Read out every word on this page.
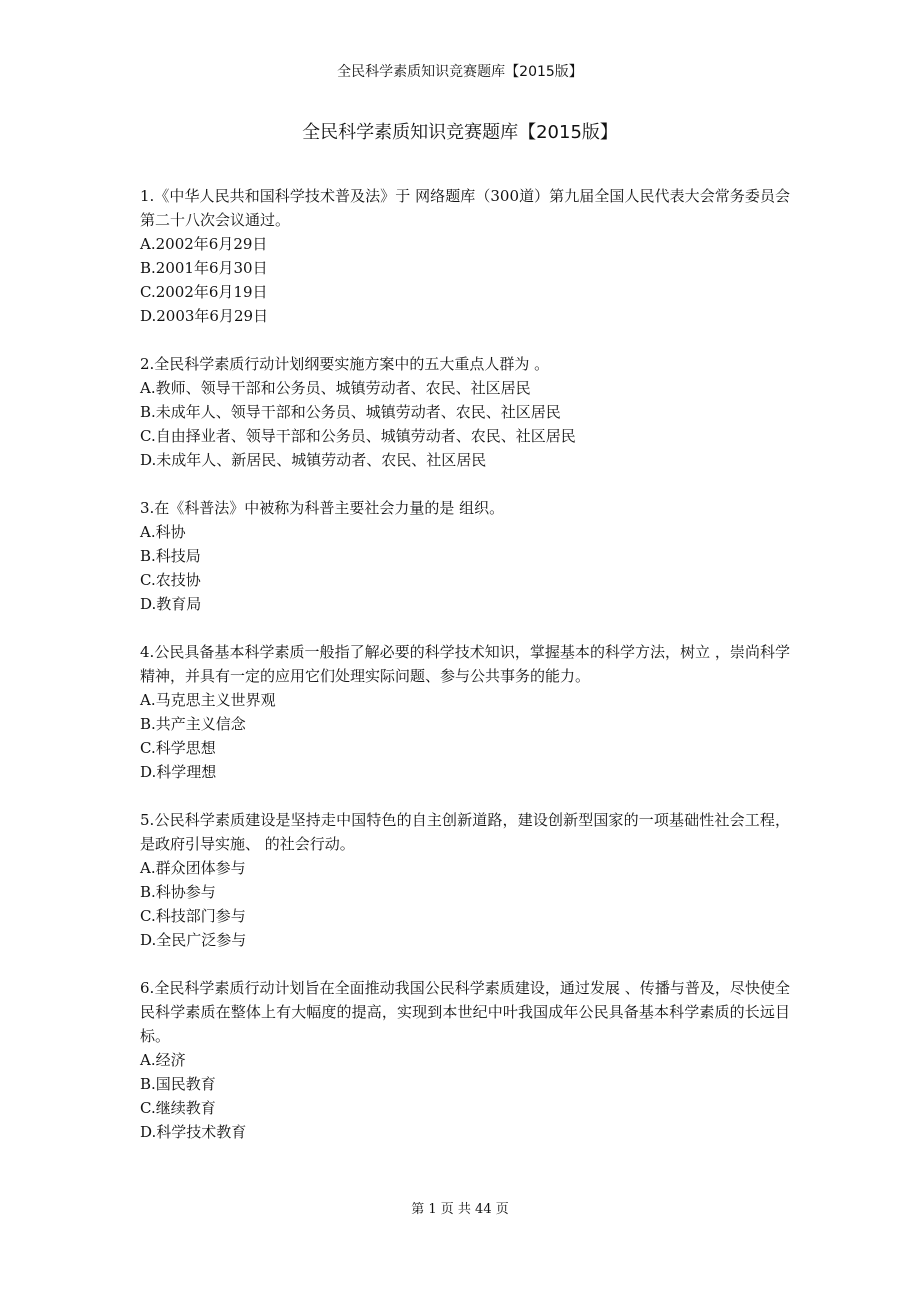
全民科学素质知识竞赛题库【2015版】
全民科学素质知识竞赛题库【2015版】

1.《中华人民共和国科学技术普及法》于 网络题库（300道）第九届全国人民代表大会常务委员会第二十八次会议通过。

A.2002年6月29日

B.2001年6月30日

C.2002年6月19日

D.2003年6月29日

2.全民科学素质行动计划纲要实施方案中的五大重点人群为 。

A.教师、领导干部和公务员、城镇劳动者、农民、社区居民

B.未成年人、领导干部和公务员、城镇劳动者、农民、社区居民

C.自由择业者、领导干部和公务员、城镇劳动者、农民、社区居民

D.未成年人、新居民、城镇劳动者、农民、社区居民

3.在《科普法》中被称为科普主要社会力量的是 组织。

A.科协

B.科技局

C.农技协

D.教育局

4.公民具备基本科学素质一般指了解必要的科学技术知识，掌握基本的科学方法，树立 ，崇尚科学精神，并具有一定的应用它们处理实际问题、参与公共事务的能力。

A.马克思主义世界观

B.共产主义信念

C.科学思想

D.科学理想

5.公民科学素质建设是坚持走中国特色的自主创新道路，建设创新型国家的一项基础性社会工程，是政府引导实施、 的社会行动。

A.群众团体参与

B.科协参与

C.科技部门参与

D.全民广泛参与

6.全民科学素质行动计划旨在全面推动我国公民科学素质建设，通过发展 、传播与普及，尽快使全民科学素质在整体上有大幅度的提高，实现到本世纪中叶我国成年公民具备基本科学素质的长远目标。

A.经济

B.国民教育

C.继续教育

D.科学技术教育

第 1 页 共 44 页
